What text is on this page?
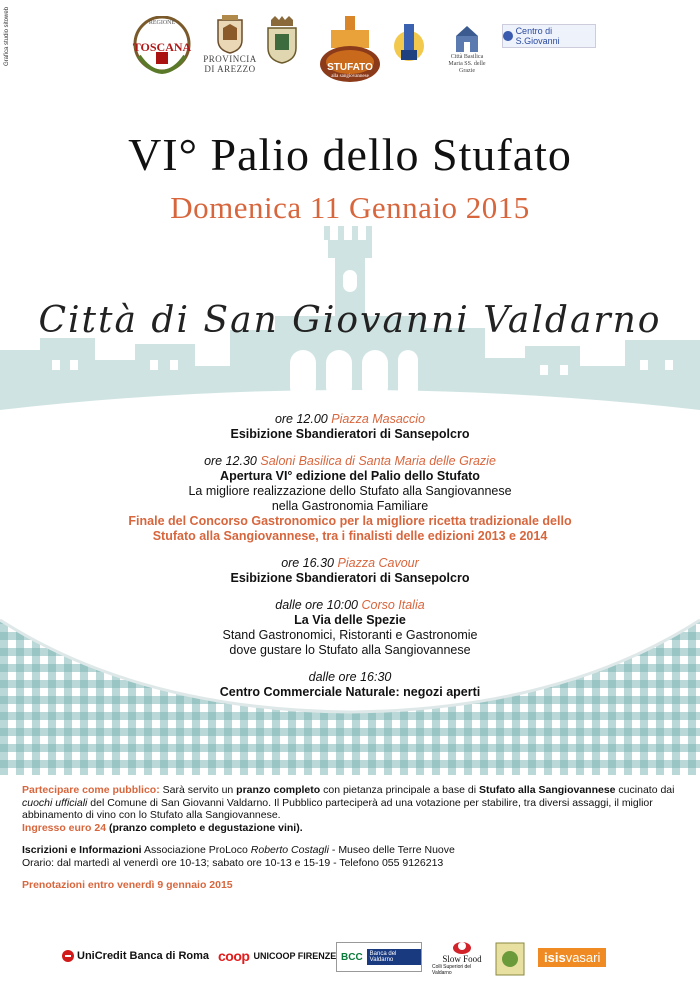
Grafica studio sitoweb	REGIONE
TOSCANA
PROVINCIA
DI AREZZO	STUFATO
alla sangiovannese
Città Basilica
Maria SS. delle Grazie
Centro di S.Giovanni
VI° Palio dello Stufato
Domenica 11 Gennaio 2015
Città di San Giovanni Valdarno
ore 12.00 Piazza Masaccio
Esibizione Sbandieratori di Sansepolcro
ore 12.30 Saloni Basilica di Santa Maria delle Grazie
Apertura VI° edizione del Palio dello Stufato
La migliore realizzazione dello Stufato alla Sangiovannese
nella Gastronomia Familiare
Finale del Concorso Gastronomico per la migliore ricetta tradizionale dello
Stufato alla Sangiovannese, tra i finalisti delle edizioni 2013 e 2014
ore 16.30 Piazza Cavour
Esibizione Sbandieratori di Sansepolcro
dalle ore 10:00 Corso Italia
La Via delle Spezie
Stand Gastronomici, Ristoranti e Gastronomie
dove gustare lo Stufato alla Sangiovannese
dalle ore 16:30
Centro Commerciale Naturale: negozi aperti

Partecipare come pubblico: Sarà servito un pranzo completo con pietanza principale a base di Stufato alla Sangiovannese cucinato dai cuochi ufficiali del Comune di San Giovanni Valdarno. Il Pubblico parteciperà ad una votazione per stabilire, tra diversi assaggi, il miglior abbinamento di vino con lo Stufato alla Sangiovannese.
Ingresso euro 24 (pranzo completo e degustazione vini).

Iscrizioni e Informazioni Associazione ProLoco Roberto Costagli - Museo delle Terre Nuove
Orario: dal martedì al venerdì ore 10-13; sabato ore 10-13 e 15-19 - Telefono 055 9126213

Prenotazioni entro venerdì 9 gennaio 2015

UniCredit Banca di Roma coop UNICOOP FIRENZE BCC	Banca del Valdarno	Slow Food
Colli Superiori del Valdarno
isis vasari
